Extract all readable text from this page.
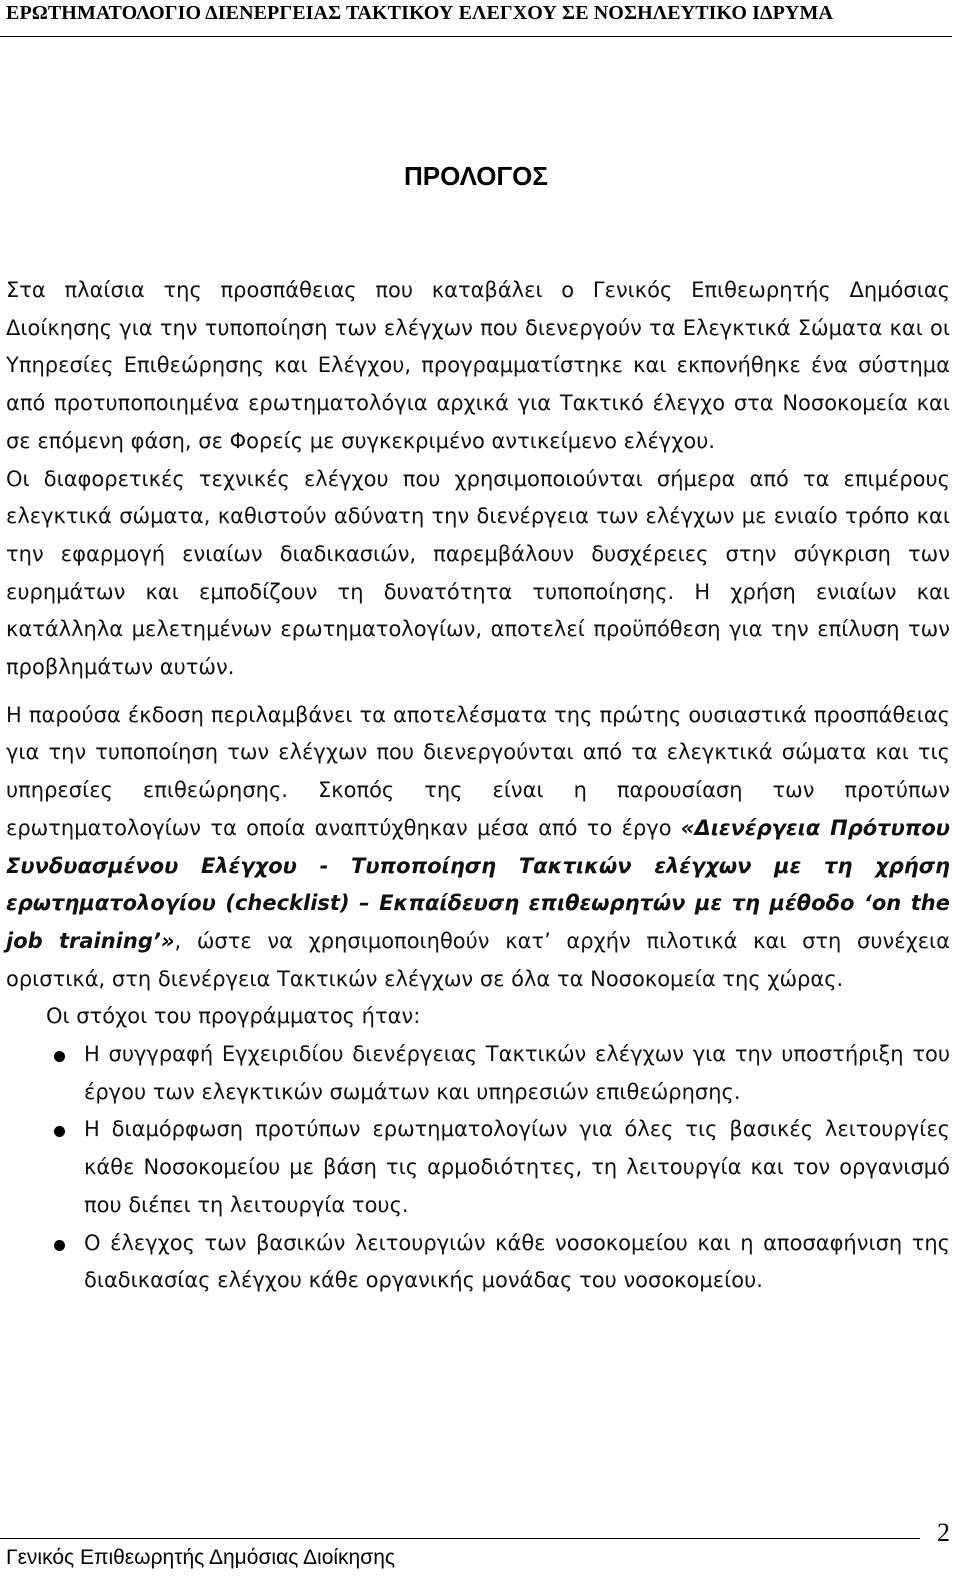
ΕΡΩΤΗΜΑΤΟΛΟΓΙΟ ΔΙΕΝΕΡΓΕΙΑΣ ΤΑΚΤΙΚΟΥ ΕΛΕΓΧΟΥ ΣΕ ΝΟΣΗΛΕΥΤΙΚΟ ΙΔΡΥΜΑ
ΠΡΟΛΟΓΟΣ

Στα πλαίσια της προσπάθειας που καταβάλει ο Γενικός Επιθεωρητής Δημόσιας Διοίκησης για την τυποποίηση των ελέγχων που διενεργούν τα Ελεγκτικά Σώματα και οι Υπηρεσίες Επιθεώρησης και Ελέγχου, προγραμματίστηκε και εκπονήθηκε ένα σύστημα από προτυποποιημένα ερωτηματολόγια αρχικά για Τακτικό έλεγχο στα Νοσοκομεία και σε επόμενη φάση, σε Φορείς με συγκεκριμένο αντικείμενο ελέγχου.

Οι διαφορετικές τεχνικές ελέγχου που χρησιμοποιούνται σήμερα από τα επιμέρους ελεγκτικά σώματα, καθιστούν αδύνατη την διενέργεια των ελέγχων με ενιαίο τρόπο και την εφαρμογή ενιαίων διαδικασιών, παρεμβάλουν δυσχέρειες στην σύγκριση των ευρημάτων και εμποδίζουν τη δυνατότητα τυποποίησης. Η χρήση ενιαίων και κατάλληλα μελετημένων ερωτηματολογίων, αποτελεί προϋπόθεση για την επίλυση των προβλημάτων αυτών.

Η παρούσα έκδοση περιλαμβάνει τα αποτελέσματα της πρώτης ουσιαστικά προσπάθειας για την τυποποίηση των ελέγχων που διενεργούνται από τα ελεγκτικά σώματα και τις υπηρεσίες επιθεώρησης. Σκοπός της είναι η παρουσίαση των προτύπων ερωτηματολογίων τα οποία αναπτύχθηκαν μέσα από το έργο «Διενέργεια Πρότυπου Συνδυασμένου Ελέγχου - Τυποποίηση Τακτικών ελέγχων με τη χρήση ερωτηματολογίου (checklist) – Εκπαίδευση επιθεωρητών με τη μέθοδο ‘on the job training’», ώστε να χρησιμοποιηθούν κατ’ αρχήν πιλοτικά και στη συνέχεια οριστικά, στη διενέργεια Τακτικών ελέγχων σε όλα τα Νοσοκομεία της χώρας.

Οι στόχοι του προγράμματος ήταν:

Η συγγραφή Εγχειριδίου διενέργειας Τακτικών ελέγχων για την υποστήριξη του έργου των ελεγκτικών σωμάτων και υπηρεσιών επιθεώρησης.
Η διαμόρφωση προτύπων ερωτηματολογίων για όλες τις βασικές λειτουργίες κάθε Νοσοκομείου με βάση τις αρμοδιότητες, τη λειτουργία και τον οργανισμό που διέπει τη λειτουργία τους.
Ο έλεγχος των βασικών λειτουργιών κάθε νοσοκομείου και η αποσαφήνιση της διαδικασίας ελέγχου κάθε οργανικής μονάδας του νοσοκομείου.
2
Γενικός Επιθεωρητής Δημόσιας Διοίκησης
